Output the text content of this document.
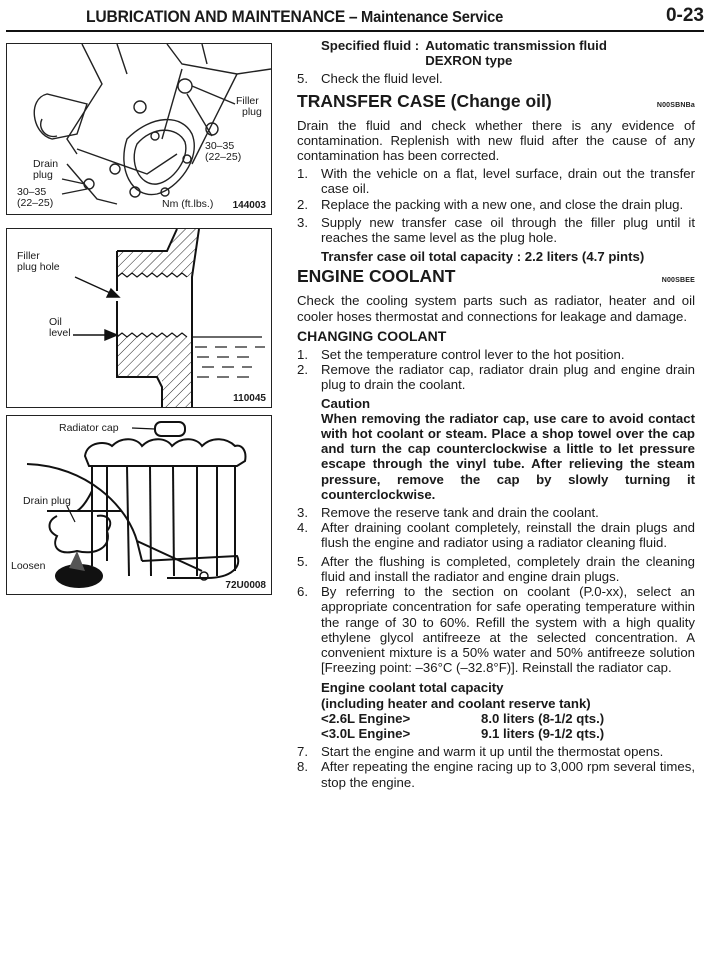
LUBRICATION AND MAINTENANCE – Maintenance Service	0-23
Filler
plug
30–35
(22–25)
Drain
plug
30–35
(22–25)	Nm (ft.lbs.) 144003
Filler
plug hole
Oil
level
110045
Radiator cap
Drain plug
Loosen
72U0008
Specified fluid : Automatic transmission fluid
DEXRON type
5. Check the fluid level.
TRANSFER CASE (Change oil)	N00SBNBa

Drain the fluid and check whether there is any evidence of contamination. Replenish with new fluid after the cause of any contamination has been corrected.

1. With the vehicle on a flat, level surface, drain out the transfer case oil.
2. Replace the packing with a new one, and close the drain plug.
3. Supply new transfer case oil through the filler plug until it reaches the same level as the plug hole.

Transfer case oil total capacity : 2.2 liters (4.7 pints)

ENGINE COOLANT	N00SBEE

Check the cooling system parts such as radiator, heater and oil cooler hoses thermostat and connections for leakage and damage.

CHANGING COOLANT
1. Set the temperature control lever to the hot position.
2. Remove the radiator cap, radiator drain plug and engine drain plug to drain the coolant.
Caution
When removing the radiator cap, use care to avoid contact with hot coolant or steam. Place a shop towel over the cap and turn the cap counterclockwise a little to let pressure escape through the vinyl tube. After relieving the steam pressure, remove the cap by slowly turning it counterclockwise.
3. Remove the reserve tank and drain the coolant.
4. After draining coolant completely, reinstall the drain plugs and flush the engine and radiator using a radiator cleaning fluid.
5. After the flushing is completed, completely drain the cleaning fluid and install the radiator and engine drain plugs.
6. By referring to the section on coolant (P.0-xx), select an appropriate concentration for safe operating temperature within the range of 30 to 60%. Refill the system with a high quality ethylene glycol antifreeze at the selected concentration. A convenient mixture is a 50% water and 50% antifreeze solution [Freezing point: –36°C (–32.8°F)]. Reinstall the radiator cap.
Engine coolant total capacity
(including heater and coolant reserve tank)
<2.6L Engine>	8.0 liters (8-1/2 qts.)
<3.0L Engine>	9.1 liters (9-1/2 qts.)
7. Start the engine and warm it up until the thermostat opens.
8. After repeating the engine racing up to 3,000 rpm several times, stop the engine.
